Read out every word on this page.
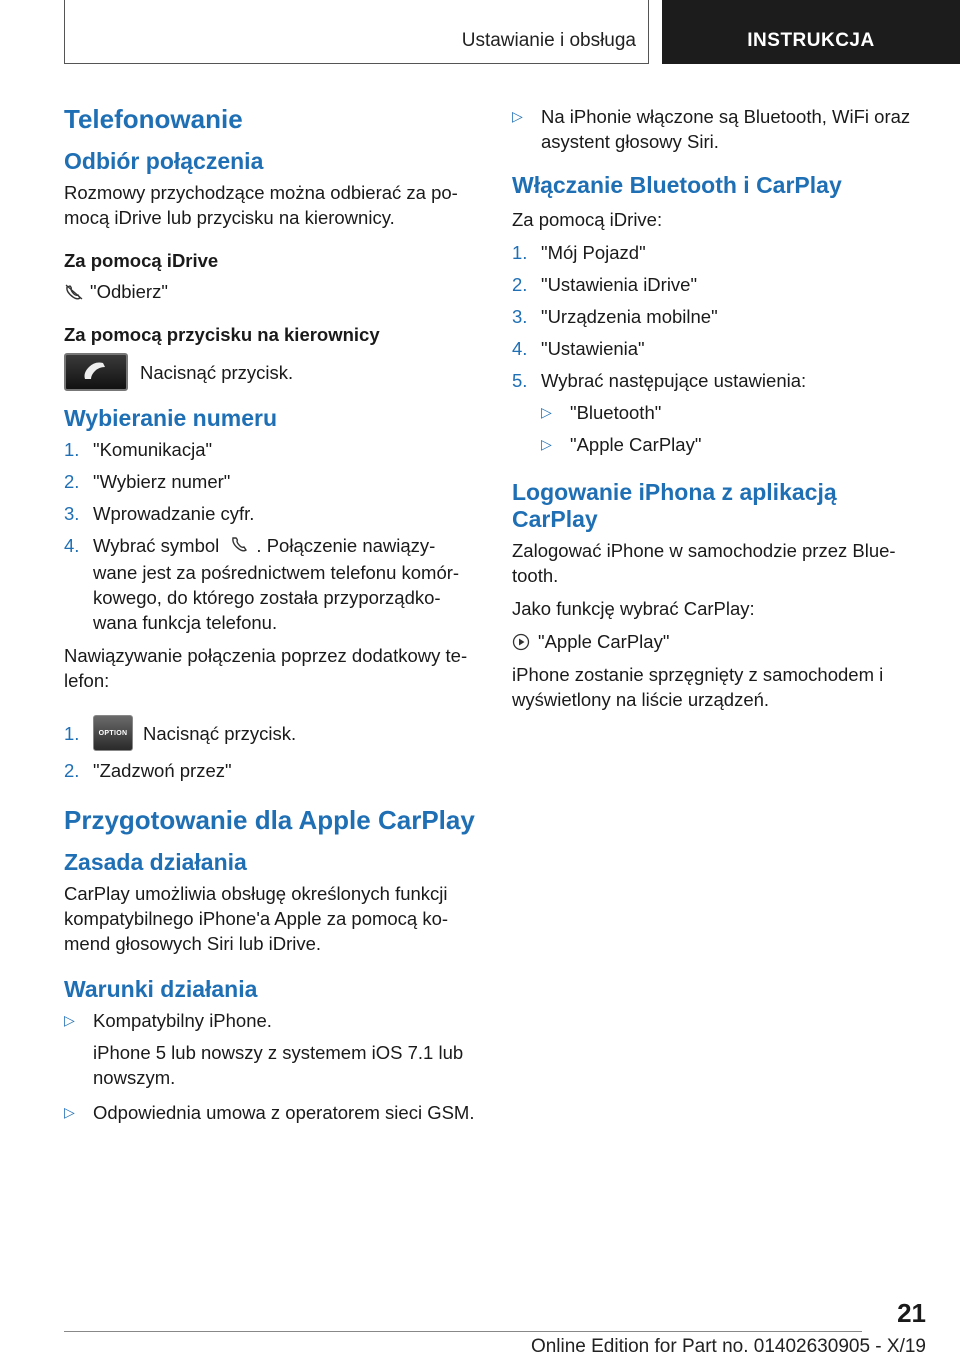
Ustawianie i obsługa	INSTRUKCJA
Telefonowanie
Odbiór połączenia
Rozmowy przychodzące można odbierać za po-mocą iDrive lub przycisku na kierownicy.
Za pomocą iDrive
"Odbierz"
Za pomocą przycisku na kierownicy
Nacisnąć przycisk.
Wybieranie numeru
1. "Komunikacja"
2. "Wybierz numer"
3. Wprowadzanie cyfr.
4. Wybrać symbol . Połączenie nawiązy-wane jest za pośrednictwem telefonu komór-kowego, do którego została przyporządko-wana funkcja telefonu.
Nawiązywanie połączenia poprzez dodatkowy te-lefon:
1.	OPTION Nacisnąć przycisk.
2. "Zadzwoń przez"
Przygotowanie dla Apple CarPlay
Zasada działania
CarPlay umożliwia obsługę określonych funkcji kompatybilnego iPhone'a Apple za pomocą ko-mend głosowych Siri lub iDrive.
Warunki działania
▷ Kompatybilny iPhone.
iPhone 5 lub nowszy z systemem iOS 7.1 lub nowszym.
▷ Odpowiednia umowa z operatorem sieci GSM.
▷ Na iPhonie włączone są Bluetooth, WiFi oraz asystent głosowy Siri.
Włączanie Bluetooth i CarPlay
Za pomocą iDrive:
1. "Mój Pojazd"
2. "Ustawienia iDrive"
3. "Urządzenia mobilne"
4. "Ustawienia"
5. Wybrać następujące ustawienia:
▷ "Bluetooth"
▷ "Apple CarPlay"
Logowanie iPhona z aplikacją CarPlay
Zalogować iPhone w samochodzie przez Blue-tooth.
Jako funkcję wybrać CarPlay:
"Apple CarPlay"
iPhone zostanie sprzęgnięty z samochodem i wyświetlony na liście urządzeń.
21
Online Edition for Part no. 01402630905 - X/19
